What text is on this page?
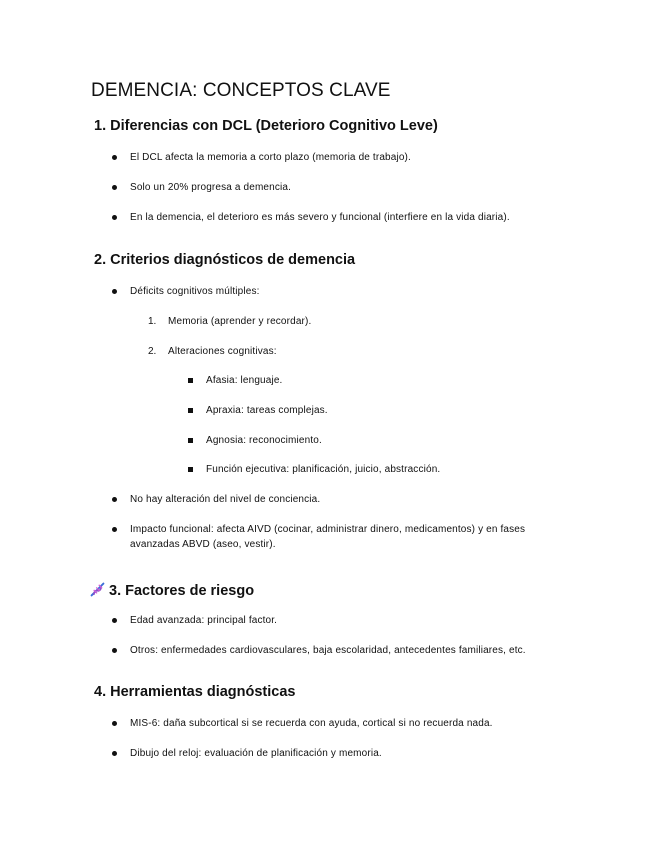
DEMENCIA: CONCEPTOS CLAVE
1. Diferencias con DCL (Deterioro Cognitivo Leve)
El DCL afecta la memoria a corto plazo (memoria de trabajo).
Solo un 20% progresa a demencia.
En la demencia, el deterioro es más severo y funcional (interfiere en la vida diaria).
2. Criterios diagnósticos de demencia
Déficits cognitivos múltiples:
1. Memoria (aprender y recordar).
2. Alteraciones cognitivas:
Afasia: lenguaje.
Apraxia: tareas complejas.
Agnosia: reconocimiento.
Función ejecutiva: planificación, juicio, abstracción.
No hay alteración del nivel de conciencia.
Impacto funcional: afecta AIVD (cocinar, administrar dinero, medicamentos) y en fases avanzadas ABVD (aseo, vestir).
3. Factores de riesgo
Edad avanzada: principal factor.
Otros: enfermedades cardiovasculares, baja escolaridad, antecedentes familiares, etc.
4. Herramientas diagnósticas
MIS-6: daña subcortical si se recuerda con ayuda, cortical si no recuerda nada.
Dibujo del reloj: evaluación de planificación y memoria.
